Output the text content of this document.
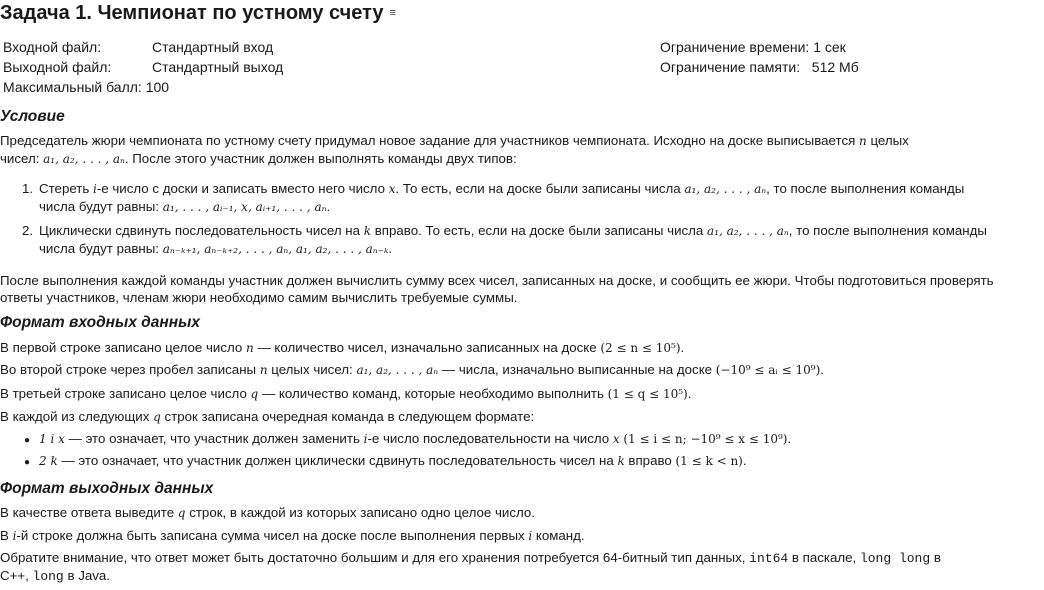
Задача 1. Чемпионат по устному счету ≡
Входной файл:	Стандартный вход
Выходной файл:	Стандартный выход
Максимальный балл: 100
Ограничение времени: 1 сек
Ограничение памяти: 512 Мб
Условие
Председатель жюри чемпионата по устному счету придумал новое задание для участников чемпионата. Исходно на доске выписывается n целых
чисел: a₁, a₂, . . . , aₙ. После этого участник должен выполнять команды двух типов:
1. Стереть i-е число с доски и записать вместо него число x. То есть, если на доске были записаны числа a₁, a₂, . . . , aₙ, то после выполнения команды
числа будут равны: a₁, . . . , aᵢ₋₁, x, aᵢ₊₁, . . . , aₙ.
2. Циклически сдвинуть последовательность чисел на k вправо. То есть, если на доске были записаны числа a₁, a₂, . . . , aₙ, то после выполнения команды
числа будут равны: aₙ₋ₖ₊₁, aₙ₋ₖ₊₂, . . . , aₙ, a₁, a₂, . . . , aₙ₋ₖ.
После выполнения каждой команды участник должен вычислить сумму всех чисел, записанных на доске, и сообщить ее жюри. Чтобы подготовиться проверять ответы участников, членам жюри необходимо самим вычислить требуемые суммы.
Формат входных данных
В первой строке записано целое число n — количество чисел, изначально записанных на доске (2 ≤ n ≤ 10⁵).
Во второй строке через пробел записаны n целых чисел: a₁, a₂, . . . , aₙ — числа, изначально выписанные на доске (−10⁹ ≤ aᵢ ≤ 10⁹).
В третьей строке записано целое число q — количество команд, которые необходимо выполнить (1 ≤ q ≤ 10⁵).
В каждой из следующих q строк записана очередная команда в следующем формате:
● 1 i x — это означает, что участник должен заменить i-е число последовательности на число x (1 ≤ i ≤ n; −10⁹ ≤ x ≤ 10⁹).
● 2 k — это означает, что участник должен циклически сдвинуть последовательность чисел на k вправо (1 ≤ k < n).
Формат выходных данных
В качестве ответа выведите q строк, в каждой из которых записано одно целое число.
В i-й строке должна быть записана сумма чисел на доске после выполнения первых i команд.
Обратите внимание, что ответ может быть достаточно большим и для его хранения потребуется 64-битный тип данных, int64 в паскале, long long в
C++, long в Java.
